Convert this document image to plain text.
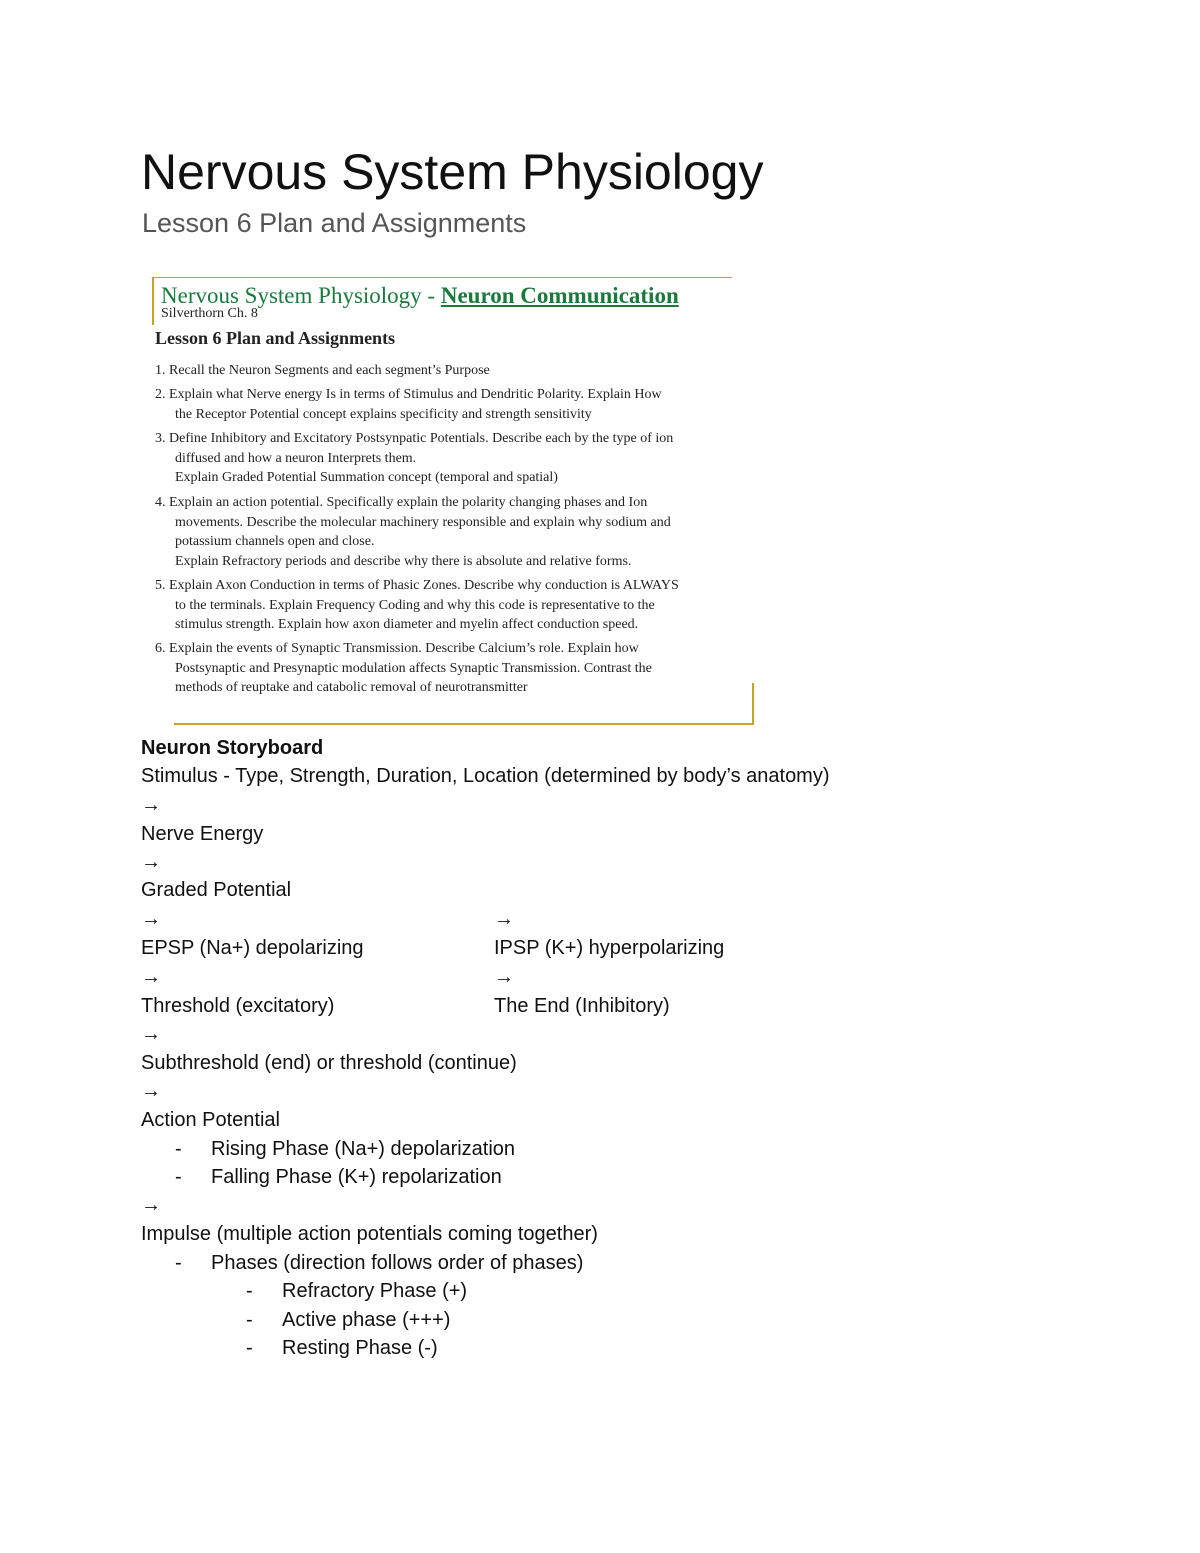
Nervous System Physiology
Lesson 6 Plan and Assignments
Nervous System Physiology - Neuron Communication
Silverthorn Ch. 8
Lesson 6 Plan and Assignments
1. Recall the Neuron Segments and each segment’s Purpose
2. Explain what Nerve energy Is in terms of Stimulus and Dendritic Polarity. Explain How
the Receptor Potential concept explains specificity and strength sensitivity
3. Define Inhibitory and Excitatory Postsynpatic Potentials. Describe each by the type of ion
diffused and how a neuron Interprets them.
Explain Graded Potential Summation concept (temporal and spatial)
4. Explain an action potential. Specifically explain the polarity changing phases and Ion
movements. Describe the molecular machinery responsible and explain why sodium and
potassium channels open and close.
Explain Refractory periods and describe why there is absolute and relative forms.
5. Explain Axon Conduction in terms of Phasic Zones. Describe why conduction is ALWAYS
to the terminals. Explain Frequency Coding and why this code is representative to the
stimulus strength. Explain how axon diameter and myelin affect conduction speed.
6. Explain the events of Synaptic Transmission. Describe Calcium’s role. Explain how
Postsynaptic and Presynaptic modulation affects Synaptic Transmission. Contrast the
methods of reuptake and catabolic removal of neurotransmitter
Neuron Storyboard
Stimulus - Type, Strength, Duration, Location (determined by body’s anatomy)
→
Nerve Energy
→
Graded Potential
→	→
EPSP (Na+) depolarizing	IPSP (K+) hyperpolarizing
→	→
Threshold (excitatory)	The End (Inhibitory)
→
Subthreshold (end) or threshold (continue)
→
Action Potential
- Rising Phase (Na+) depolarization
- Falling Phase (K+) repolarization
→
Impulse (multiple action potentials coming together)
- Phases (direction follows order of phases)
- Refractory Phase (+)
- Active phase (+++)
- Resting Phase (-)
